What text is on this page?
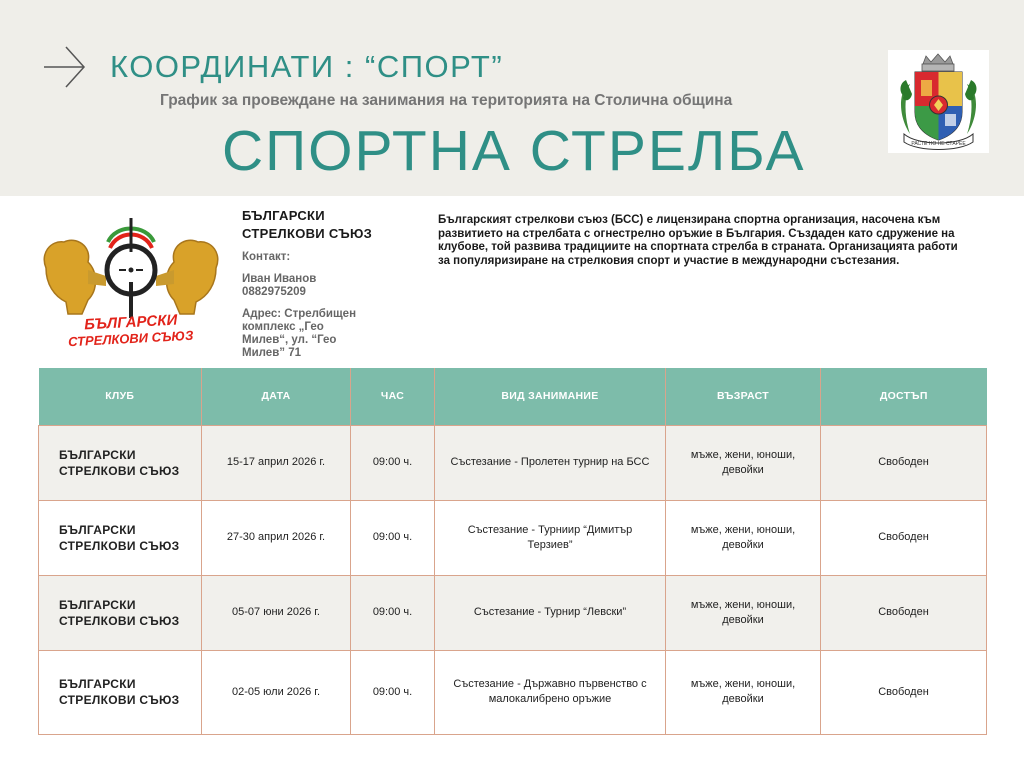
КООРДИНАТИ : “СПОРТ”
График за провеждане на занимания на територията на Столична община
СПОРТНА СТРЕЛБА	РАСТЕ НО НЕ СТАРЕЕ
БЪЛГАРСКИ
СТРЕЛКОВИ СЪЮЗ
БЪЛГАРСКИ
СТРЕЛКОВИ СЪЮЗ
Контакт:
Иван Иванов
0882975209
Адрес: Стрелбищен
комплекс „Гео
Милев“, ул. “Гео
Милев” 71
Българският стрелкови съюз (БСС) е лицензирана спортна организация, насочена към развитието на стрелбата с огнестрелно оръжие в България. Създаден като сдружение на клубове, той развива традициите на спортната стрелба в страната. Организацията работи за популяризиране на стрелковия спорт и участие в международни състезания.
КЛУБ	ДАТА	ЧАС	ВИД ЗАНИМАНИЕ	ВЪЗРАСТ	ДОСТЪП

БЪЛГАРСКИ
СТРЕЛКОВИ СЪЮЗ	15-17 април 2026 г.	09:00 ч.	Състезание - Пролетен турнир на БСС	мъже, жени, юноши, девойки	Свободен

БЪЛГАРСКИ
СТРЕЛКОВИ СЪЮЗ	27-30 април 2026 г.	09:00 ч.	Състезание - Турниир “Димитър Терзиев”	мъже, жени, юноши, девойки	Свободен

БЪЛГАРСКИ
СТРЕЛКОВИ СЪЮЗ	05-07 юни 2026 г.	09:00 ч.	Състезание - Турнир “Левски”	мъже, жени, юноши, девойки	Свободен

БЪЛГАРСКИ
СТРЕЛКОВИ СЪЮЗ	02-05 юли 2026 г.	09:00 ч.	Състезание - Държавно първенство с малокалибрено оръжие	мъже, жени, юноши, девойки	Свободен
